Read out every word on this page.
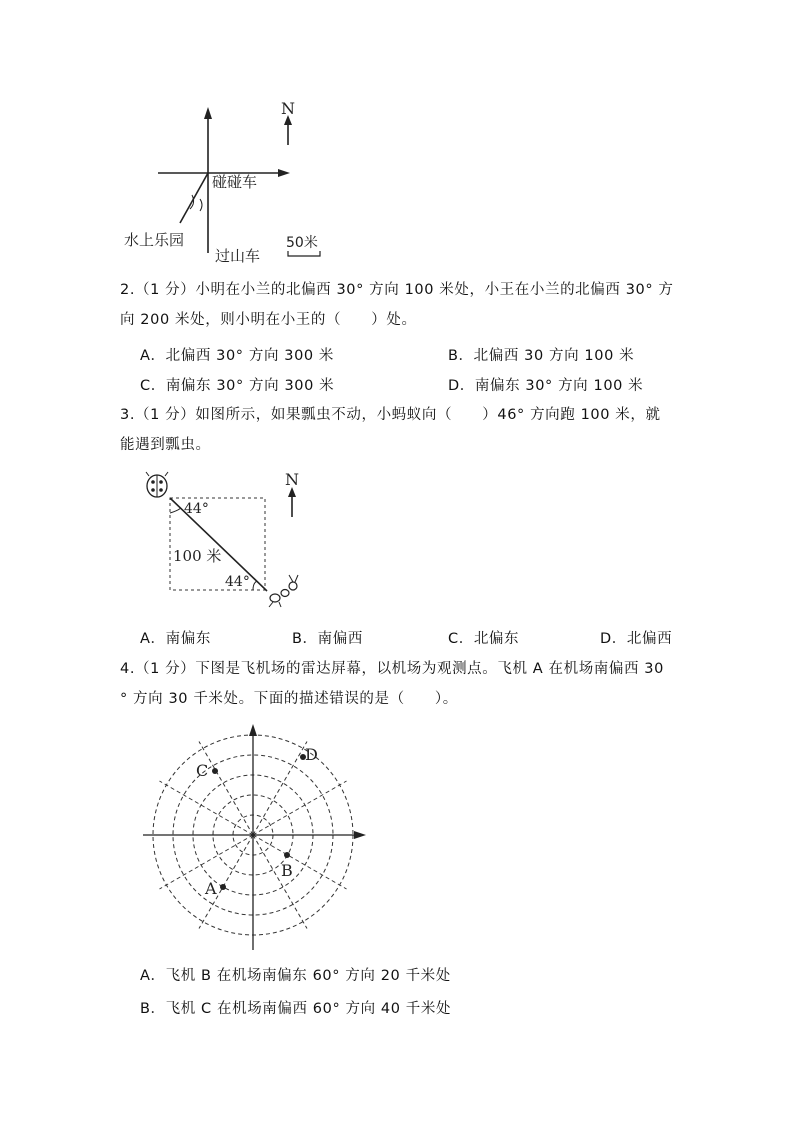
N
碰碰车
水上乐园
过山车
50米
2.（1 分）小明在小兰的北偏西 30° 方向 100 米处，小王在小兰的北偏西 30° 方
向 200 米处，则小明在小王的（　　）处。
A．北偏西 30° 方向 300 米	B．北偏西 30 方向 100 米
C．南偏东 30° 方向 300 米	D．南偏东 30° 方向 100 米
3.（1 分）如图所示，如果瓢虫不动，小蚂蚁向（　　）46° 方向跑 100 米，就
能遇到瓢虫。
N
44°
44°
100 米
A．南偏东	B．南偏西	C．北偏东	D．北偏西
4.（1 分）下图是飞机场的雷达屏幕，以机场为观测点。飞机 A 在机场南偏西 30
° 方向 30 千米处。下面的描述错误的是（　　）。
A
B
C
D
A．飞机 B 在机场南偏东 60° 方向 20 千米处
B．飞机 C 在机场南偏西 60° 方向 40 千米处
